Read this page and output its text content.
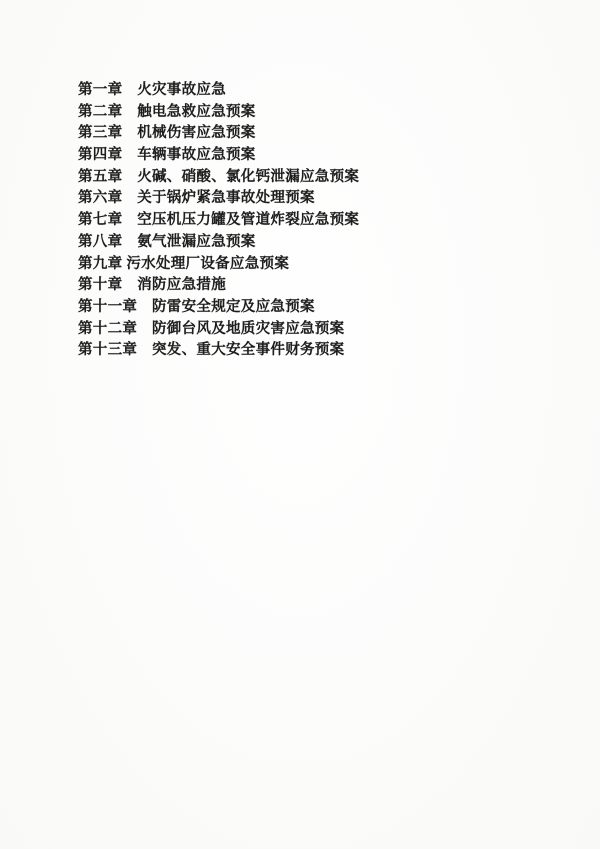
第一章　火灾事故应急
第二章　触电急救应急预案
第三章　机械伤害应急预案
第四章　车辆事故应急预案
第五章　火碱、硝酸、氯化钙泄漏应急预案
第六章　关于锅炉紧急事故处理预案
第七章　空压机压力罐及管道炸裂应急预案
第八章　氨气泄漏应急预案
第九章 污水处理厂设备应急预案
第十章　消防应急措施
第十一章　防雷安全规定及应急预案
第十二章　防御台风及地质灾害应急预案
第十三章　突发、重大安全事件财务预案
